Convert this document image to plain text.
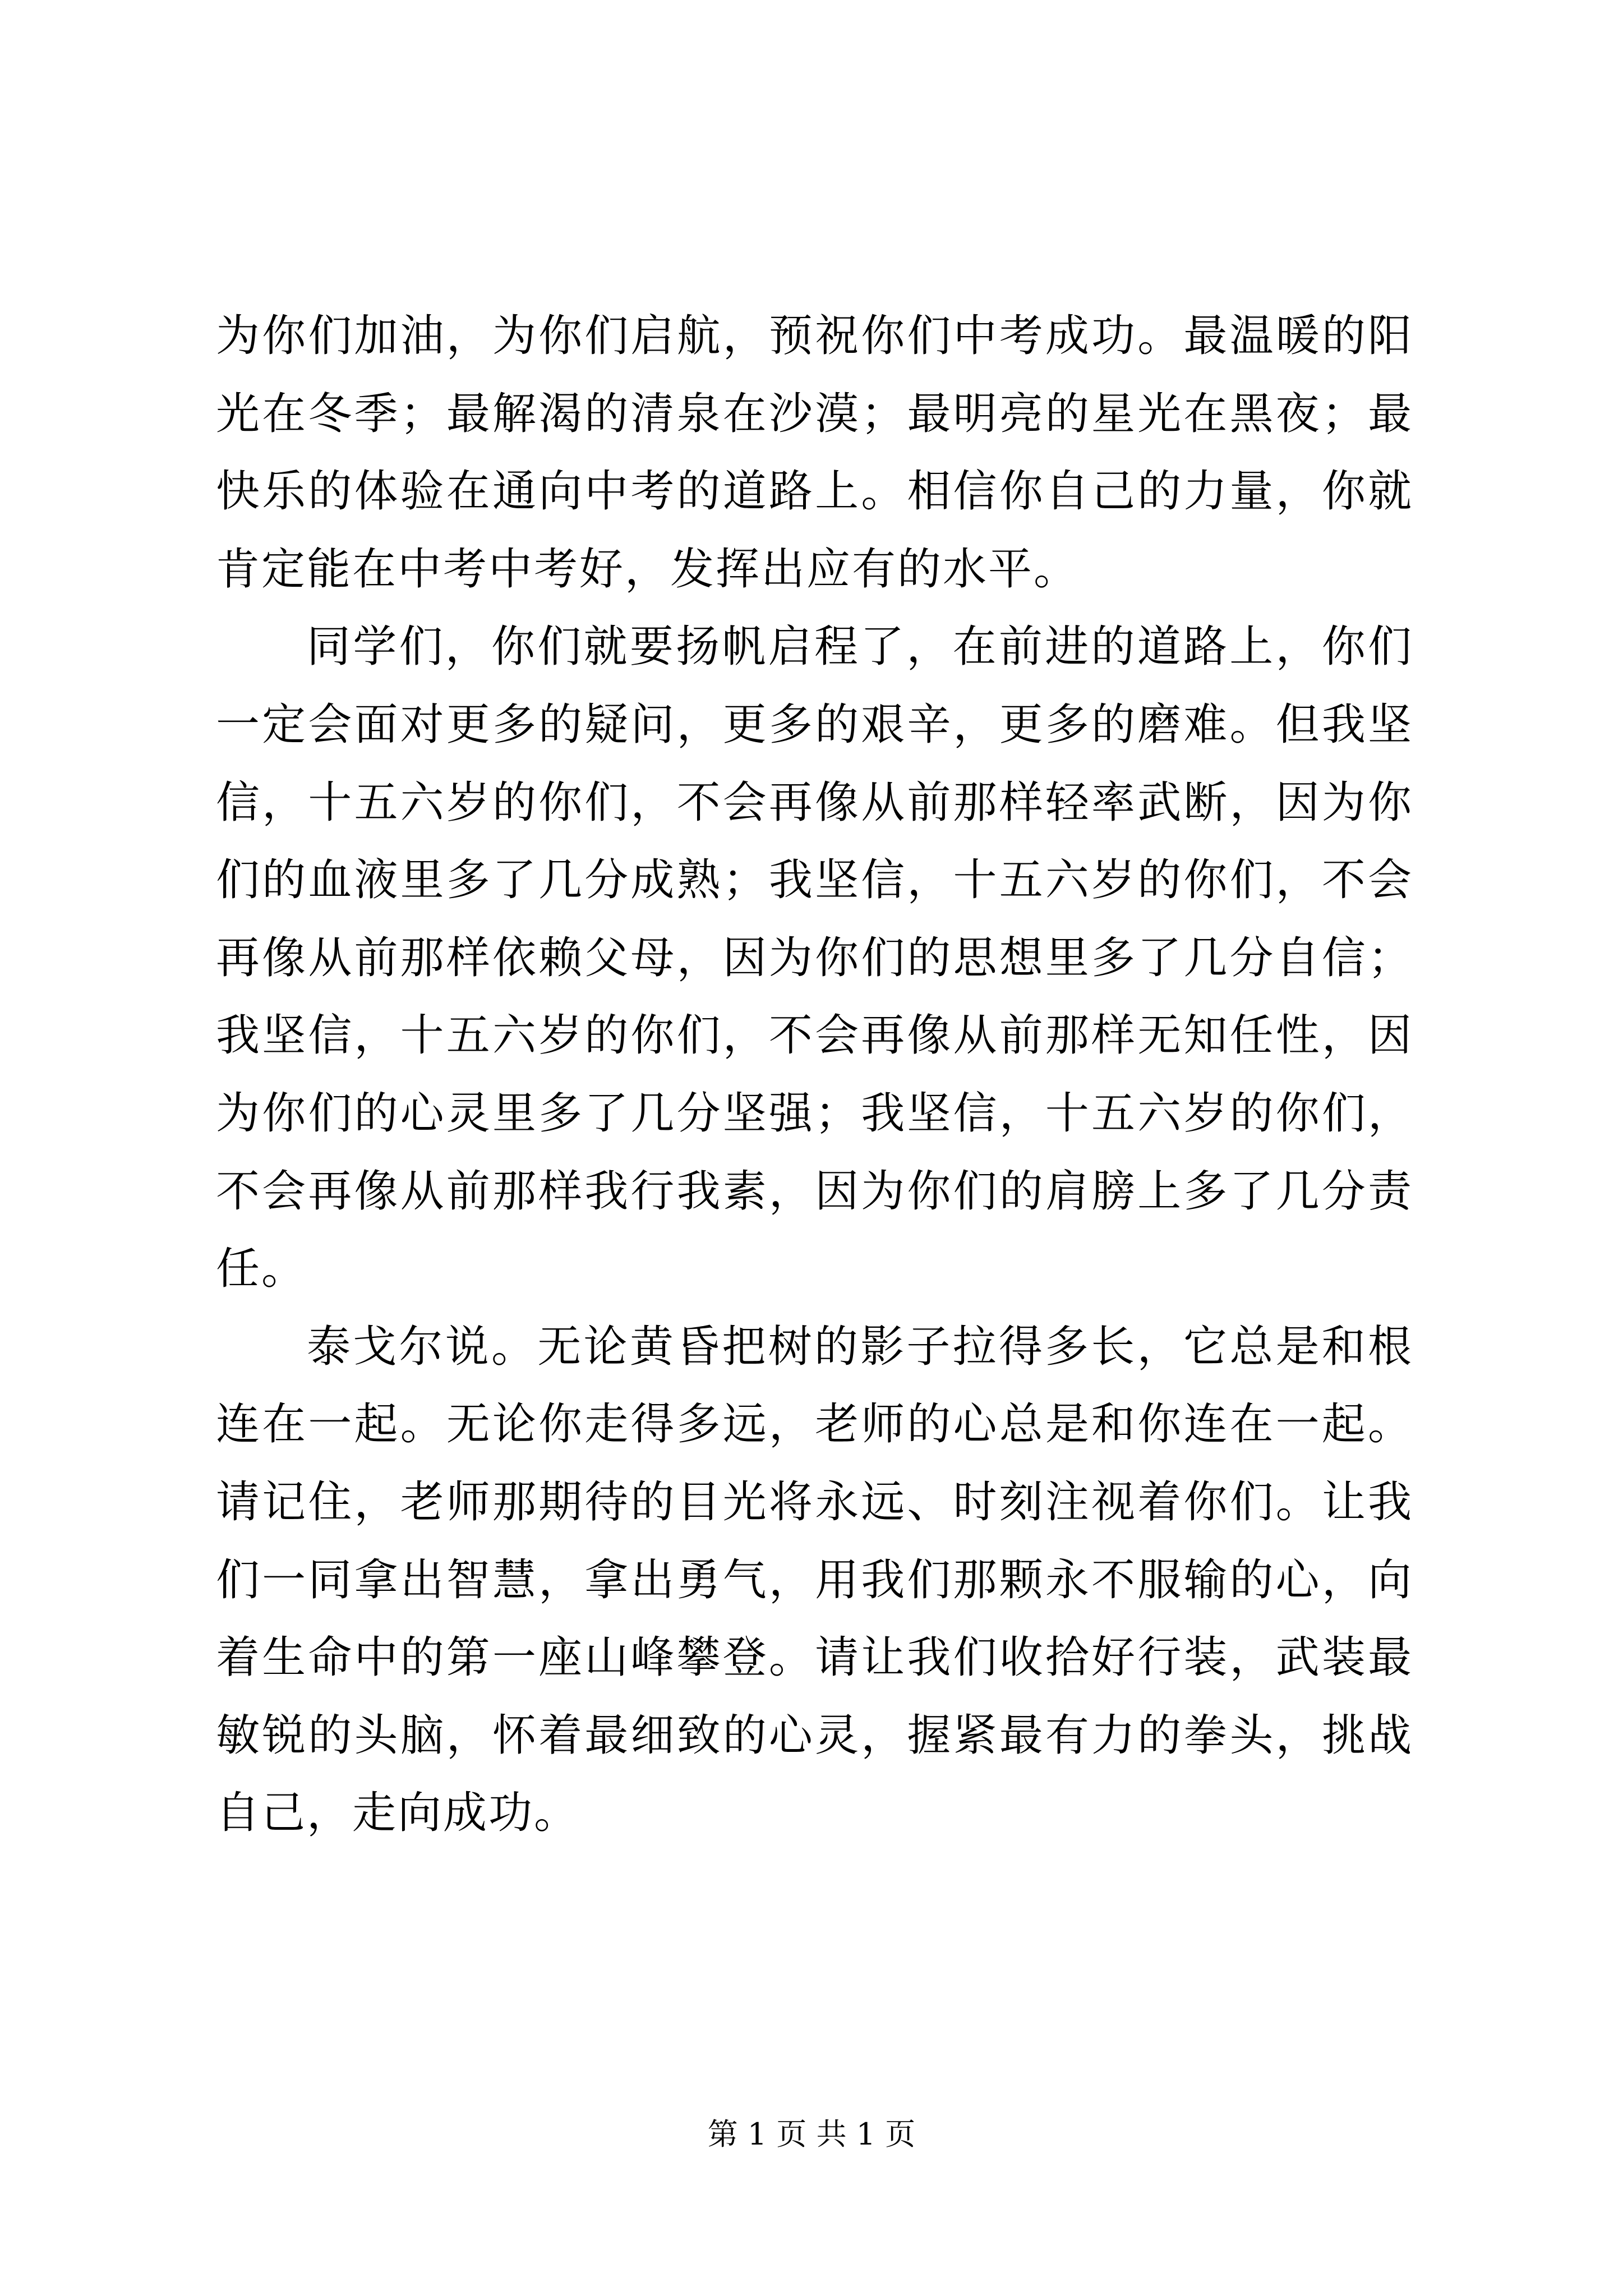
为你们加油，为你们启航，预祝你们中考成功。最温暖的阳光在冬季；最解渴的清泉在沙漠；最明亮的星光在黑夜；最快乐的体验在通向中考的道路上。相信你自己的力量，你就肯定能在中考中考好，发挥出应有的水平。

同学们，你们就要扬帆启程了，在前进的道路上，你们一定会面对更多的疑问，更多的艰辛，更多的磨难。但我坚信，十五六岁的你们，不会再像从前那样轻率武断，因为你们的血液里多了几分成熟；我坚信，十五六岁的你们，不会再像从前那样依赖父母，因为你们的思想里多了几分自信；我坚信，十五六岁的你们，不会再像从前那样无知任性，因为你们的心灵里多了几分坚强；我坚信，十五六岁的你们，不会再像从前那样我行我素，因为你们的肩膀上多了几分责任。

泰戈尔说。无论黄昏把树的影子拉得多长，它总是和根连在一起。无论你走得多远，老师的心总是和你连在一起。请记住，老师那期待的目光将永远、时刻注视着你们。让我们一同拿出智慧，拿出勇气，用我们那颗永不服输的心，向着生命中的第一座山峰攀登。请让我们收拾好行装，武装最敏锐的头脑，怀着最细致的心灵，握紧最有力的拳头，挑战自己，走向成功。

第 1 页 共 1 页
